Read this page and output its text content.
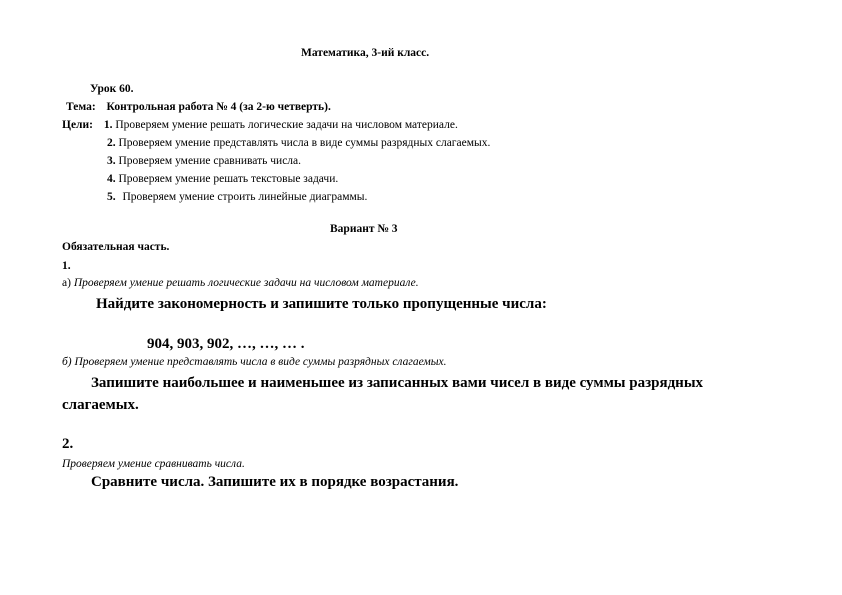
Математика, 3-ий класс.
Урок 60.
Тема: Контрольная работа № 4 (за 2-ю четверть).
Цели: 1. Проверяем умение решать логические задачи на числовом материале.
2. Проверяем умение представлять числа в виде суммы разрядных слагаемых.
3. Проверяем умение сравнивать числа.
4. Проверяем умение решать текстовые задачи.
5. Проверяем умение строить линейные диаграммы.
Вариант № 3
Обязательная часть.
1.
а) Проверяем умение решать логические задачи на числовом материале.
Найдите закономерность и запишите только пропущенные числа:
904, 903, 902, …, …, … .
б) Проверяем умение представлять числа в виде суммы разрядных слагаемых.
Запишите наибольшее и наименьшее из записанных вами чисел в виде суммы разрядных
слагаемых.
2.
Проверяем умение сравнивать числа.
Сравните числа. Запишите их в порядке возрастания.
